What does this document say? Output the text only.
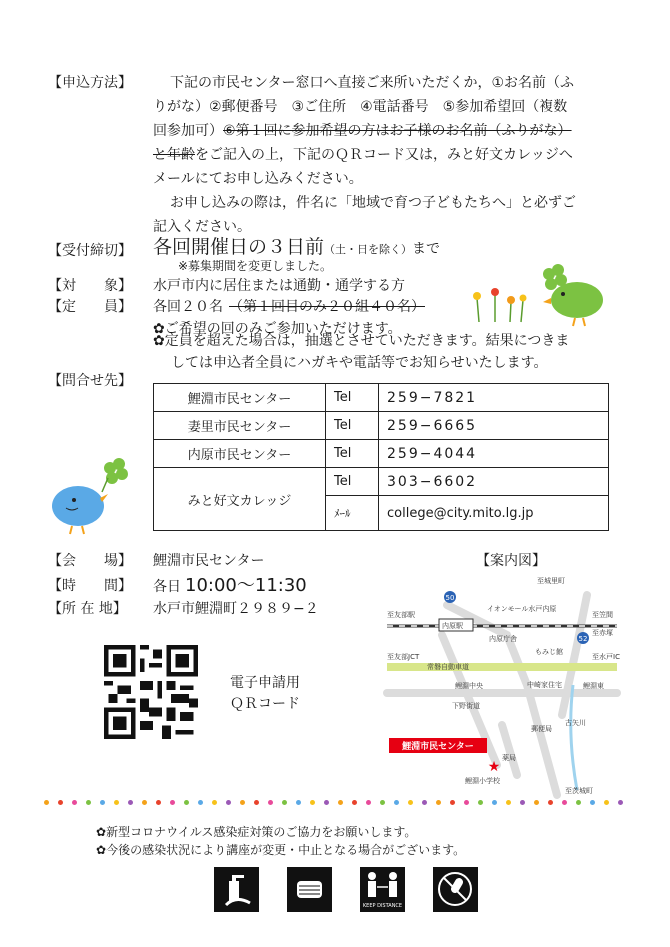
【申込方法】	下記の市民センター窓口へ直接ご来所いただくか，①お名前（ふ
りがな）②郵便番号　③ご住所　④電話番号　⑤参加希望回（複数
回参加可）⑥第１回に参加希望の方はお子様のお名前（ふりがな）
と年齢をご記入の上，下記のＱＲコード又は，みと好文カレッジへ
メールにてお申し込みください。
お申し込みの際は，件名に「地域で育つ子どもたちへ」と必ずご
記入ください。
【受付締切】 各回開催日の３日前（土・日を除く）まで
※募集期間を変更しました。
【対　　象】 水戸市内に居住または通勤・通学する方
【定　　員】 各回２０名 （第１回目のみ２０組４０名）
✿ご希望の回のみご参加いただけます。
✿定員を超えた場合は，抽選とさせていただきます。結果につきま
しては申込者全員にハガキや電話等でお知らせいたします。
【問合せ先】
鯉淵市民センター	Tel	259−7821
妻里市民センター	Tel	259−6665
内原市民センター	Tel	259−4044
みと好文カレッジ	Tel	303−6602
	ﾒｰﾙ	college@city.mito.lg.jp
【会　　場】 鯉淵市民センター
【時　　間】 各日 10:00〜11:30
【所 在 地】 水戸市鯉淵町２９８９−２
電子申請用
ＱＲコード
【案内図】
50
52
至城里町
至友部駅
イオンモール水戸内原
至笠間
内原駅
至赤塚
内原庁舎
もみじ館
至友部JCT
常磐自動車道
至水戸IC
鯉淵中央	中崎家住宅	鯉淵東
下野街道
郵便局
古矢川
薬局
鯉淵小学校
至茨城町
鯉淵市民センター
★
✿新型コロナウイルス感染症対策のご協力をお願いします。
✿今後の感染状況により講座が変更・中止となる場合がございます。
KEEP DISTANCE
